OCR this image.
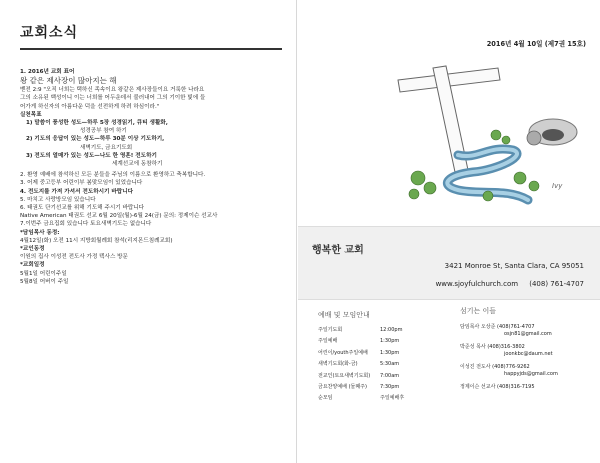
교회소식
1. 2016년 교회 표어
왕 같은 제사장이 많아지는 해
벧전 2:9 "오직 너희는 택하신 족속이요 왕같은 제사장들이요 거룩한 나라요
그의 소유된 백성이니 이는 너희를 어두운데서 불러내어 그의 기이한 빛에 들
어가게 하신자의 아름다운 덕을 선전하게 하려 하심이라."
실천목표
1) 말씀이 풍성한 성도—하루 5장 성경읽기, 큐티 생활화,
성경공부 참여 하기
2) 기도의 응답이 있는 성도—하루 30분 이상 기도하기,
새벽기도, 금요기도회
3) 전도의 열매가 있는 성도—나도 한 영혼! 전도하기
세계선교에 동참하기
2. 환영 예배에 참석하신 모든 분들을 주님의 이름으로 환영하고 축복합니다.
3. 어제 중고등부 어린이부 봄맞모임이 있었습니다
4. 전도지를 가져 가셔서 전도하시기 바랍니다
5. 마치고 사랑방모임 있습니다
6. 태권도 단기선교를 위해 기도해 주시기 바랍니다
Native American 태권도 선교 6월 20일(월)-6월 24(금) 문의: 정제이슨 선교사
7.이번주 금요집회 있습니다 토요새벽기도는 없습니다
*담임목사 동정:
4월12일(화) 오전 11시 지방회월례회 참석(리지몬드침례교회)
*교인동정
이원의 집사 이성전 전도사 가정 텍사스 방문
*교회일정
5월1일 어린이주일
5월8일 어버이 주일
2016년 4월 10일 (제7권 15호)
Ivy
행복한 교회
3421 Monroe St, Santa Clara, CA 95051
www.sjoyfulchurch.com (408) 761-4707
예배 및 모임안내
주일기도회	12:00pm
주일예배	1:30pm
어린이/youth주일예배	1:30pm
새벽기도회(화-금)	5:30am
전교인(토요새벽기도회)	7:00am
금요찬양예배 (둘째주)	7:30pm
순모임	주일예배후
섬기는 이들
담임목사 오상준 (408)761-4707
osjn81@gmail.com
박준성 목사 (408)316-3802
joonkbc@daum.net
이성진 전도사 (408)776-9262
happyjds@gmail.com
정제이슨 선교사 (408)316-7195
